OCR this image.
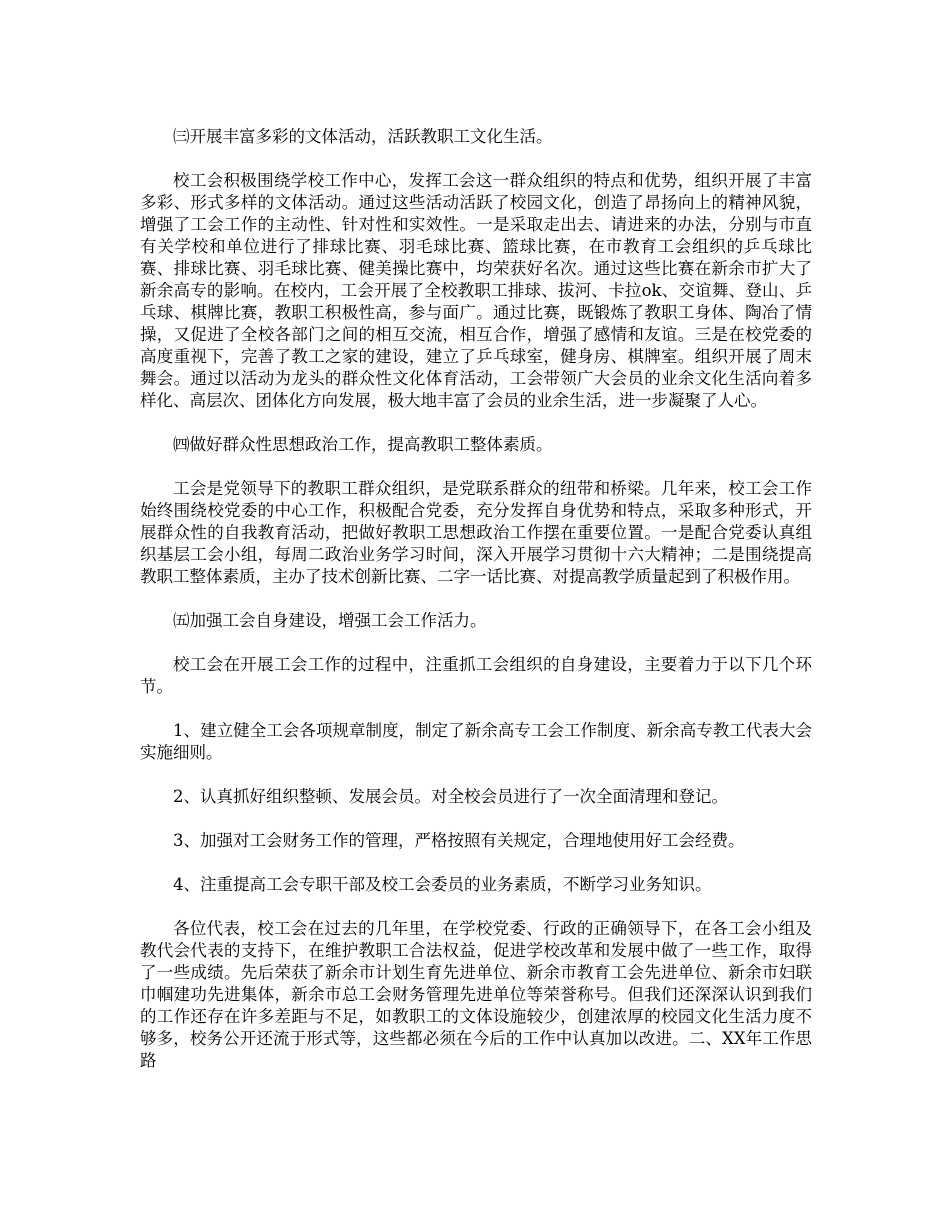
㈢开展丰富多彩的文体活动，活跃教职工文化生活。

校工会积极围绕学校工作中心，发挥工会这一群众组织的特点和优势，组织开展了丰富多彩、形式多样的文体活动。通过这些活动活跃了校园文化，创造了昂扬向上的精神风貌，增强了工会工作的主动性、针对性和实效性。一是采取走出去、请进来的办法，分别与市直有关学校和单位进行了排球比赛、羽毛球比赛、篮球比赛，在市教育工会组织的乒乓球比赛、排球比赛、羽毛球比赛、健美操比赛中，均荣获好名次。通过这些比赛在新余市扩大了新余高专的影响。在校内，工会开展了全校教职工排球、拔河、卡拉ok、交谊舞、登山、乒乓球、棋牌比赛，教职工积极性高，参与面广。通过比赛，既锻炼了教职工身体、陶冶了情操，又促进了全校各部门之间的相互交流，相互合作，增强了感情和友谊。三是在校党委的高度重视下，完善了教工之家的建设，建立了乒乓球室，健身房、棋牌室。组织开展了周末舞会。通过以活动为龙头的群众性文化体育活动，工会带领广大会员的业余文化生活向着多样化、高层次、团体化方向发展，极大地丰富了会员的业余生活，进一步凝聚了人心。

㈣做好群众性思想政治工作，提高教职工整体素质。

工会是党领导下的教职工群众组织，是党联系群众的纽带和桥梁。几年来，校工会工作始终围绕校党委的中心工作，积极配合党委，充分发挥自身优势和特点，采取多种形式，开展群众性的自我教育活动，把做好教职工思想政治工作摆在重要位置。一是配合党委认真组织基层工会小组，每周二政治业务学习时间，深入开展学习贯彻十六大精神；二是围绕提高教职工整体素质，主办了技术创新比赛、二字一话比赛、对提高教学质量起到了积极作用。

㈤加强工会自身建设，增强工会工作活力。

校工会在开展工会工作的过程中，注重抓工会组织的自身建设，主要着力于以下几个环节。

1、建立健全工会各项规章制度，制定了新余高专工会工作制度、新余高专教工代表大会实施细则。

2、认真抓好组织整顿、发展会员。对全校会员进行了一次全面清理和登记。

3、加强对工会财务工作的管理，严格按照有关规定，合理地使用好工会经费。

4、注重提高工会专职干部及校工会委员的业务素质，不断学习业务知识。

各位代表，校工会在过去的几年里，在学校党委、行政的正确领导下，在各工会小组及教代会代表的支持下，在维护教职工合法权益，促进学校改革和发展中做了一些工作，取得了一些成绩。先后荣获了新余市计划生育先进单位、新余市教育工会先进单位、新余市妇联巾帼建功先进集体，新余市总工会财务管理先进单位等荣誉称号。但我们还深深认识到我们的工作还存在许多差距与不足，如教职工的文体设施较少，创建浓厚的校园文化生活力度不够多，校务公开还流于形式等，这些都必须在今后的工作中认真加以改进。二、XX年工作思路
